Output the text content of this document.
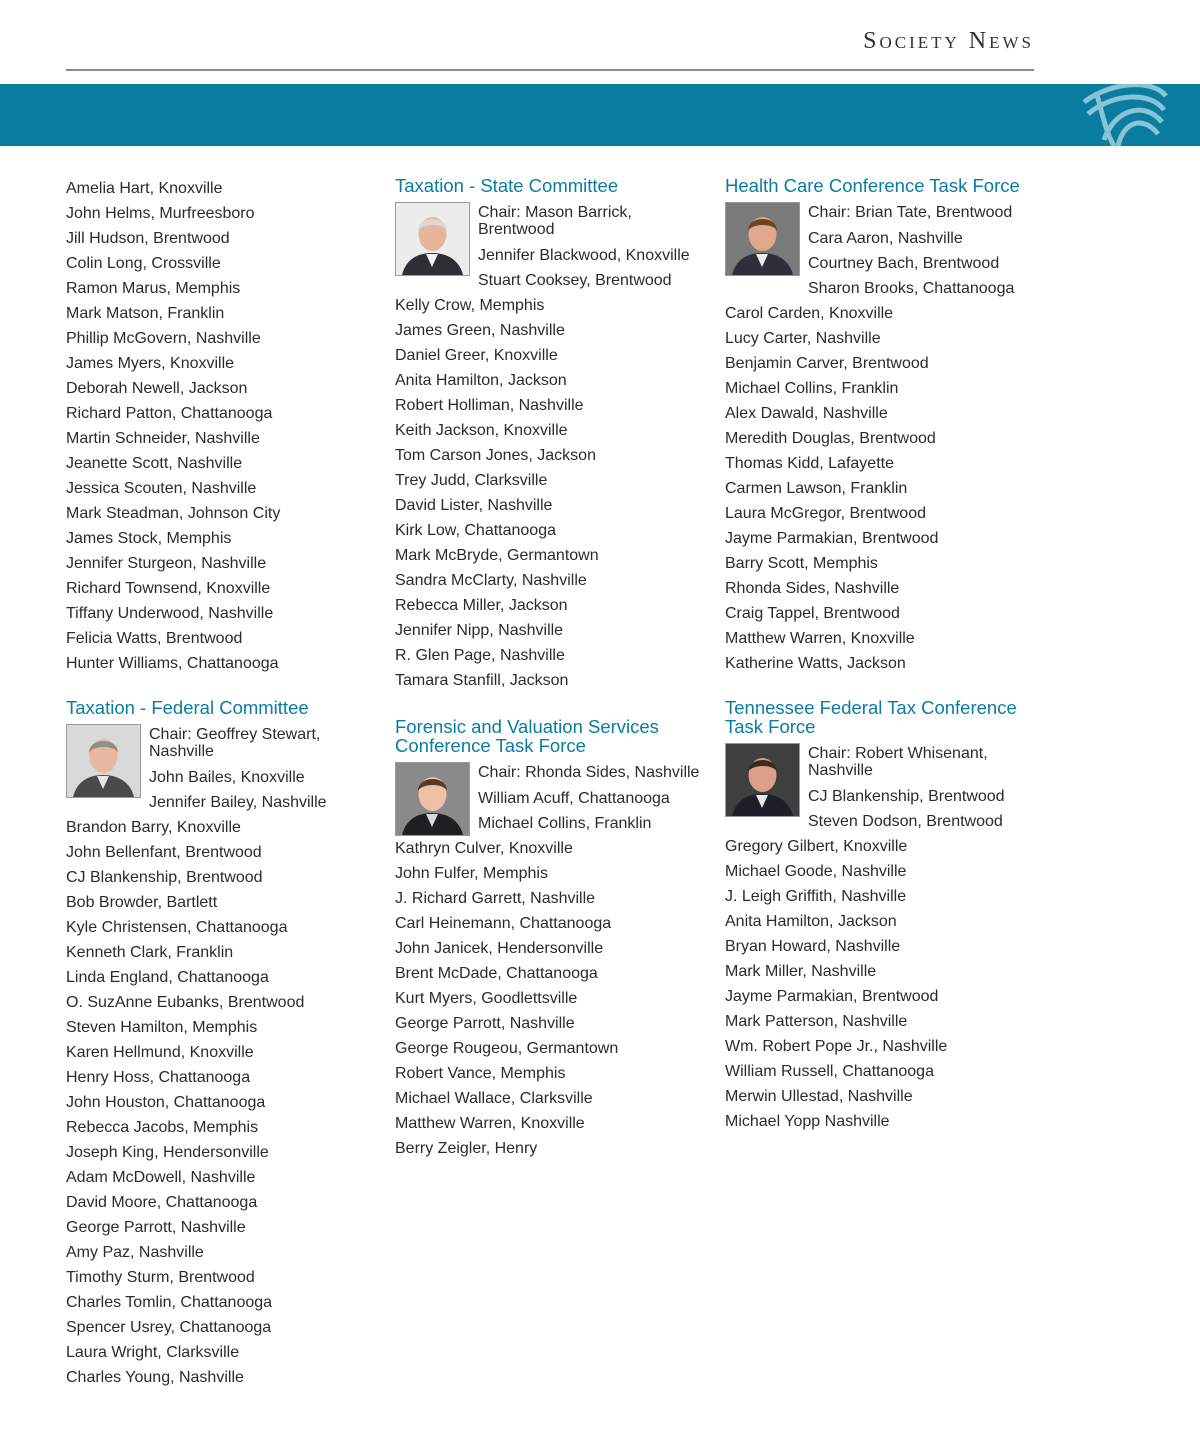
Society News
Amelia Hart, Knoxville
John Helms, Murfreesboro
Jill Hudson, Brentwood
Colin Long, Crossville
Ramon Marus, Memphis
Mark Matson, Franklin
Phillip McGovern, Nashville
James Myers, Knoxville
Deborah Newell, Jackson
Richard Patton, Chattanooga
Martin Schneider, Nashville
Jeanette Scott, Nashville
Jessica Scouten, Nashville
Mark Steadman, Johnson City
James Stock, Memphis
Jennifer Sturgeon, Nashville
Richard Townsend, Knoxville
Tiffany Underwood, Nashville
Felicia Watts, Brentwood
Hunter Williams, Chattanooga
Taxation - Federal Committee
Chair: Geoffrey Stewart, Nashville
John Bailes, Knoxville
Jennifer Bailey, Nashville
Brandon Barry, Knoxville
John Bellenfant, Brentwood
CJ Blankenship, Brentwood
Bob Browder, Bartlett
Kyle Christensen, Chattanooga
Kenneth Clark, Franklin
Linda England, Chattanooga
O. SuzAnne Eubanks, Brentwood
Steven Hamilton, Memphis
Karen Hellmund, Knoxville
Henry Hoss, Chattanooga
John Houston, Chattanooga
Rebecca Jacobs, Memphis
Joseph King, Hendersonville
Adam McDowell, Nashville
David Moore, Chattanooga
George Parrott, Nashville
Amy Paz, Nashville
Timothy Sturm, Brentwood
Charles Tomlin, Chattanooga
Spencer Usrey, Chattanooga
Laura Wright, Clarksville
Charles Young, Nashville
Taxation - State Committee
Chair: Mason Barrick, Brentwood
Jennifer Blackwood, Knoxville
Stuart Cooksey, Brentwood
Kelly Crow, Memphis
James Green, Nashville
Daniel Greer, Knoxville
Anita Hamilton, Jackson
Robert Holliman, Nashville
Keith Jackson, Knoxville
Tom Carson Jones, Jackson
Trey Judd, Clarksville
David Lister, Nashville
Kirk Low, Chattanooga
Mark McBryde, Germantown
Sandra McClarty, Nashville
Rebecca Miller, Jackson
Jennifer Nipp, Nashville
R. Glen Page, Nashville
Tamara Stanfill, Jackson
Forensic and Valuation Services Conference Task Force
Chair: Rhonda Sides, Nashville
William Acuff, Chattanooga
Michael Collins, Franklin
Kathryn Culver, Knoxville
John Fulfer, Memphis
J. Richard Garrett, Nashville
Carl Heinemann, Chattanooga
John Janicek, Hendersonville
Brent McDade, Chattanooga
Kurt Myers, Goodlettsville
George Parrott, Nashville
George Rougeou, Germantown
Robert Vance, Memphis
Michael Wallace, Clarksville
Matthew Warren, Knoxville
Berry Zeigler, Henry
Health Care Conference Task Force
Chair: Brian Tate, Brentwood
Cara Aaron, Nashville
Courtney Bach, Brentwood
Sharon Brooks, Chattanooga
Carol Carden, Knoxville
Lucy Carter, Nashville
Benjamin Carver, Brentwood
Michael Collins, Franklin
Alex Dawald, Nashville
Meredith Douglas, Brentwood
Thomas Kidd, Lafayette
Carmen Lawson, Franklin
Laura McGregor, Brentwood
Jayme Parmakian, Brentwood
Barry Scott, Memphis
Rhonda Sides, Nashville
Craig Tappel, Brentwood
Matthew Warren, Knoxville
Katherine Watts, Jackson
Tennessee Federal Tax Conference Task Force
Chair: Robert Whisenant, Nashville
CJ Blankenship, Brentwood
Steven Dodson, Brentwood
Gregory Gilbert, Knoxville
Michael Goode, Nashville
J. Leigh Griffith, Nashville
Anita Hamilton, Jackson
Bryan Howard, Nashville
Mark Miller, Nashville
Jayme Parmakian, Brentwood
Mark Patterson, Nashville
Wm. Robert Pope Jr., Nashville
William Russell, Chattanooga
Merwin Ullestad, Nashville
Michael Yopp Nashville
